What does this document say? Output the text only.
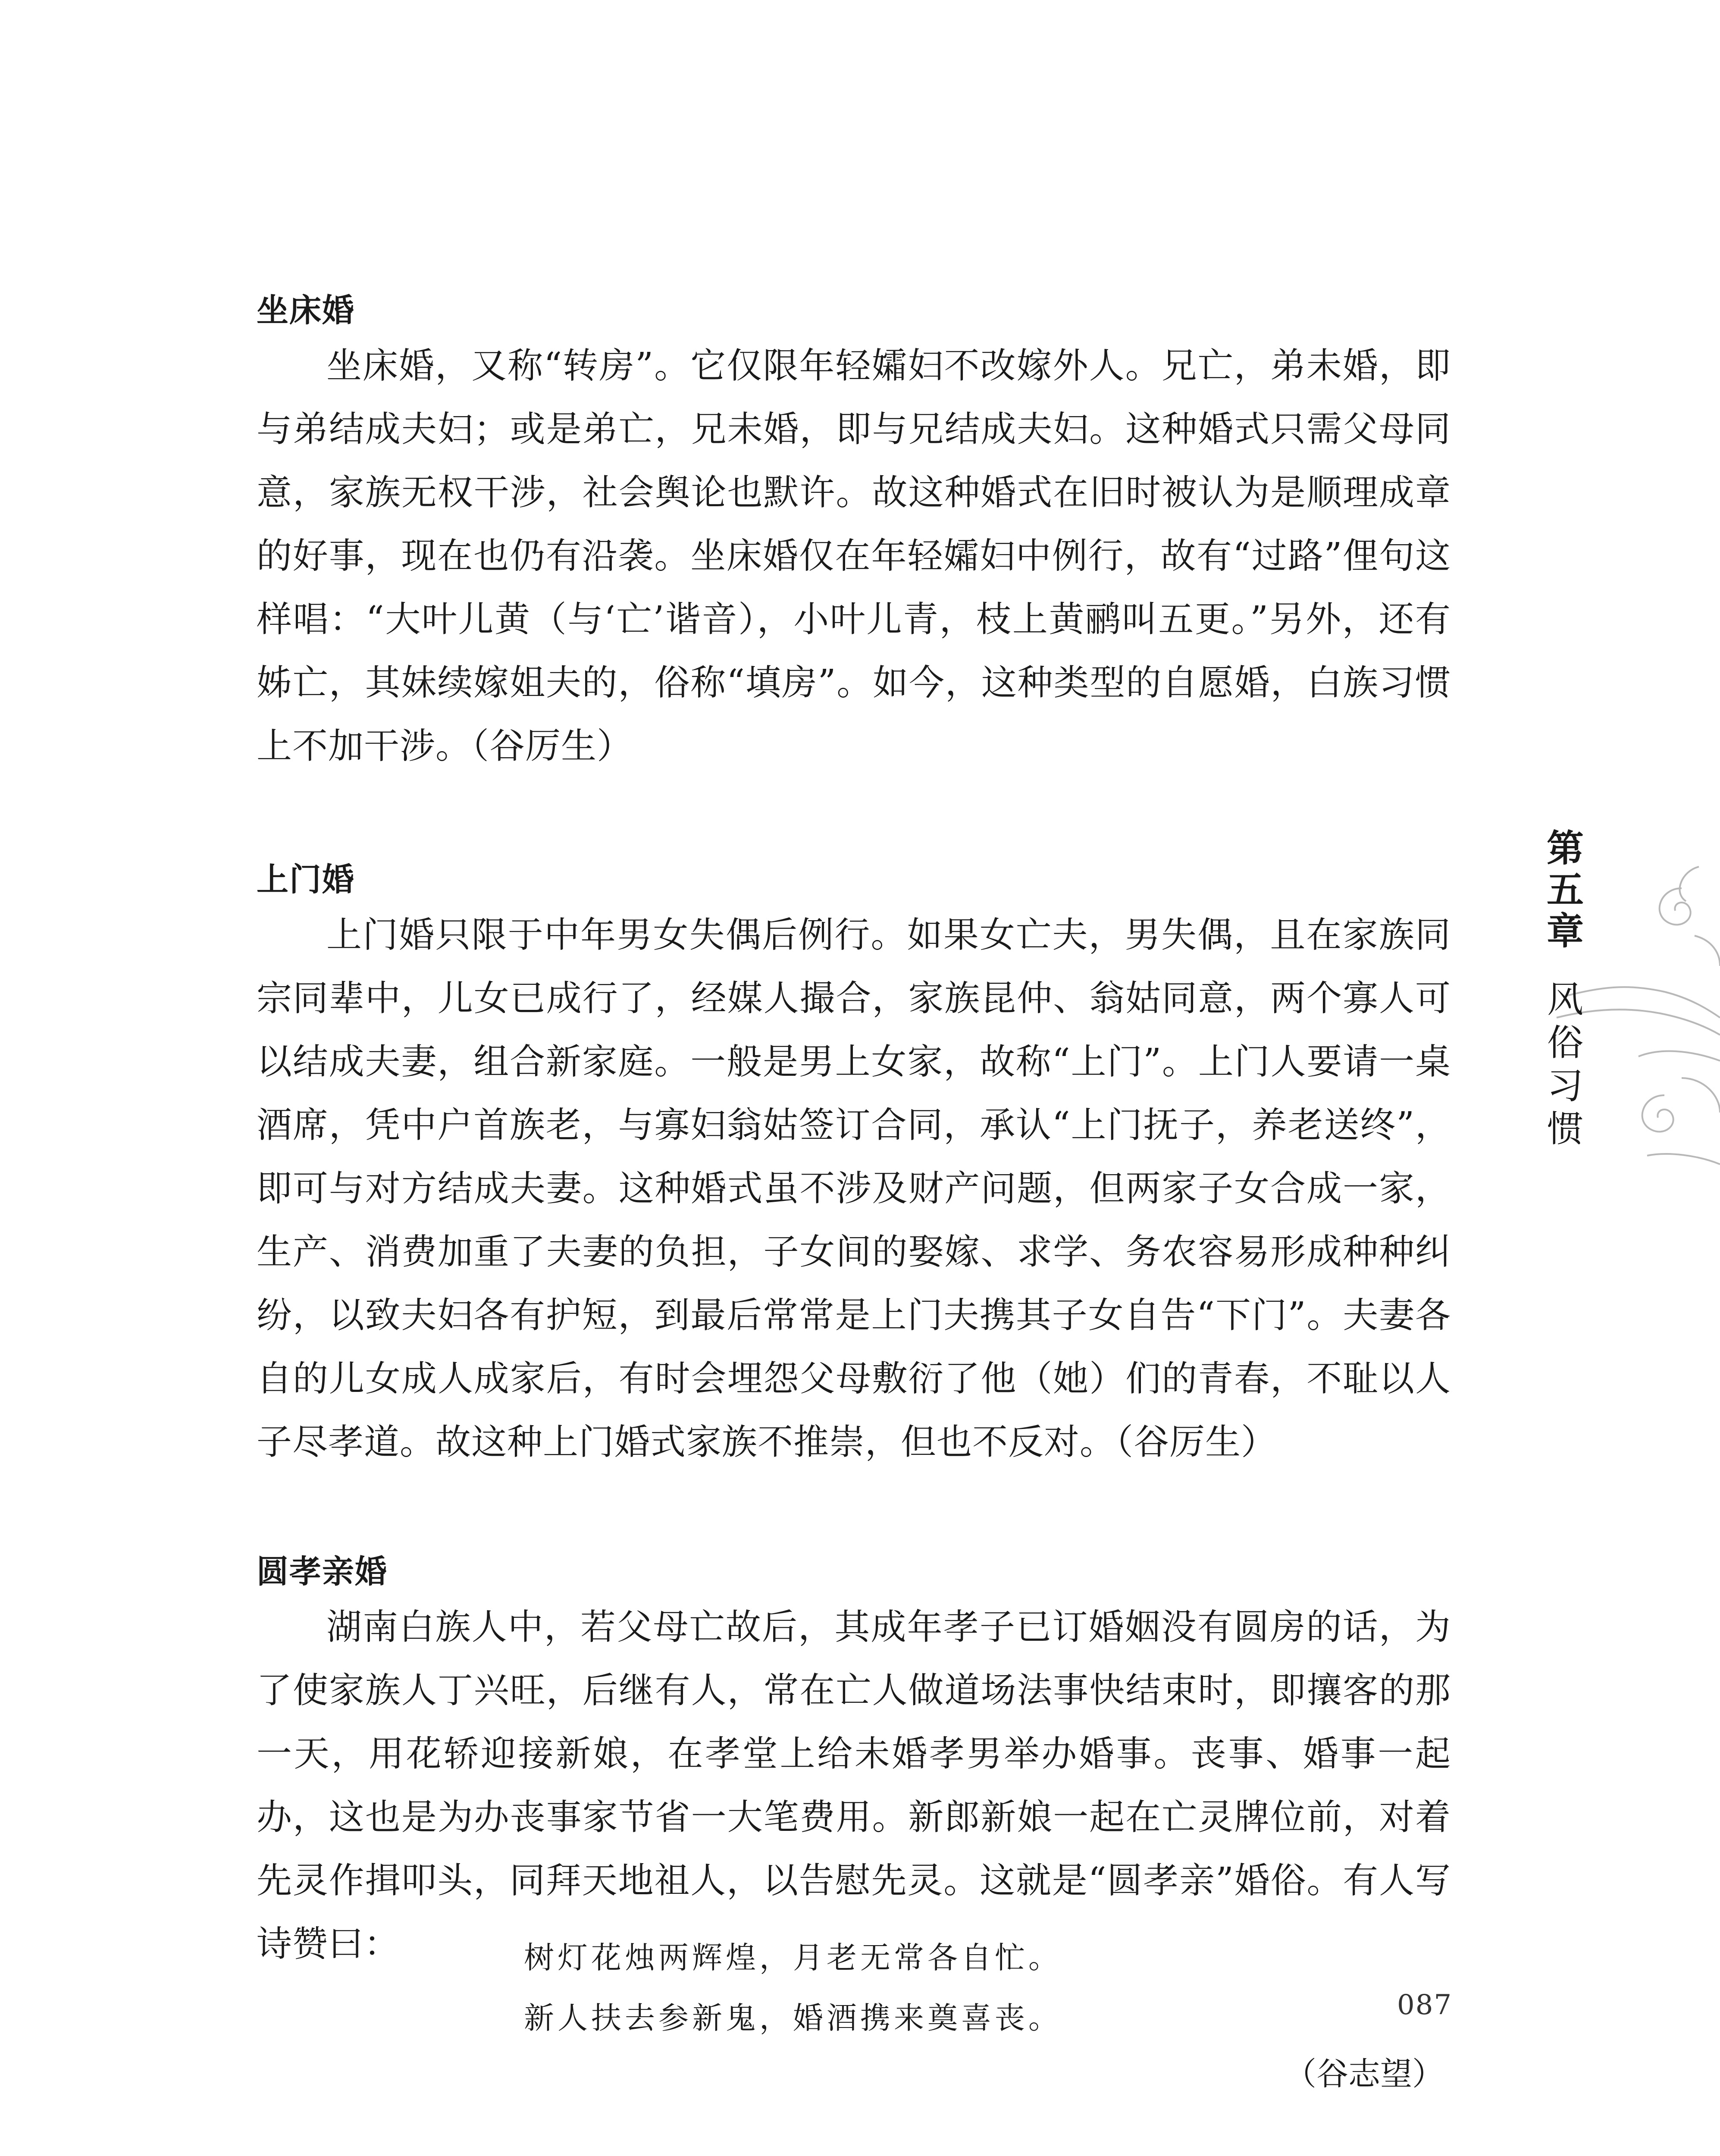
坐床婚

坐床婚，又称“转房”。它仅限年轻孀妇不改嫁外人。兄亡，弟未婚，即与弟结成夫妇；或是弟亡，兄未婚，即与兄结成夫妇。这种婚式只需父母同意，家族无权干涉，社会舆论也默许。故这种婚式在旧时被认为是顺理成章的好事，现在也仍有沿袭。坐床婚仅在年轻孀妇中例行，故有“过路”俚句这样唱：“大叶儿黄（与‘亡’谐音），小叶儿青，枝上黄鹂叫五更。”另外，还有姊亡，其妹续嫁姐夫的，俗称“填房”。如今，这种类型的自愿婚，白族习惯上不加干涉。（谷厉生）

上门婚

上门婚只限于中年男女失偶后例行。如果女亡夫，男失偶，且在家族同宗同辈中，儿女已成行了，经媒人撮合，家族昆仲、翁姑同意，两个寡人可以结成夫妻，组合新家庭。一般是男上女家，故称“上门”。上门人要请一桌酒席，凭中户首族老，与寡妇翁姑签订合同，承认“上门抚子，养老送终”，即可与对方结成夫妻。这种婚式虽不涉及财产问题，但两家子女合成一家，生产、消费加重了夫妻的负担，子女间的娶嫁、求学、务农容易形成种种纠纷，以致夫妇各有护短，到最后常常是上门夫携其子女自告“下门”。夫妻各自的儿女成人成家后，有时会埋怨父母敷衍了他（她）们的青春，不耻以人子尽孝道。故这种上门婚式家族不推崇，但也不反对。（谷厉生）

圆孝亲婚

湖南白族人中，若父母亡故后，其成年孝子已订婚姻没有圆房的话，为了使家族人丁兴旺，后继有人，常在亡人做道场法事快结束时，即攘客的那一天，用花轿迎接新娘，在孝堂上给未婚孝男举办婚事。丧事、婚事一起办，这也是为办丧事家节省一大笔费用。新郎新娘一起在亡灵牌位前，对着先灵作揖叩头，同拜天地祖人，以告慰先灵。这就是“圆孝亲”婚俗。有人写诗赞曰：	树灯花烛两辉煌，月老无常各自忙。
新人扶去参新鬼，婚酒携来奠喜丧。
（谷志望）
第五章
风俗习惯
087
